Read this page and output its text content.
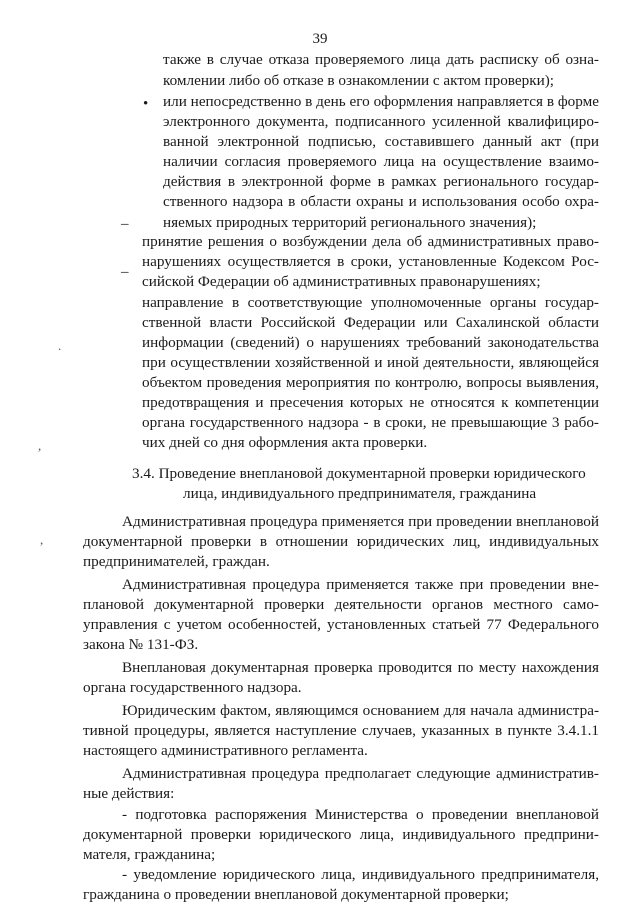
39
•
–
–
.
,
,
также в случае отказа проверяемого лица дать расписку об озна-
комлении либо об отказе в ознакомлении с актом проверки);
или непосредственно в день его оформления направляется в форме
электронного документа, подписанного усиленной квалифициро-
ванной электронной подписью, составившего данный акт (при
наличии согласия проверяемого лица на осуществление взаимо-
действия в электронной форме в рамках регионального государ-
ственного надзора в области охраны и использования особо охра-
няемых природных территорий регионального значения);
принятие решения о возбуждении дела об административных право-
нарушениях осуществляется в сроки, установленные Кодексом Рос-
сийской Федерации об административных правонарушениях;
направление в соответствующие уполномоченные органы государ-
ственной власти Российской Федерации или Сахалинской области
информации (сведений) о нарушениях требований законодательства
при осуществлении хозяйственной и иной деятельности, являющейся
объектом проведения мероприятия по контролю, вопросы выявления,
предотвращения и пресечения которых не относятся к компетенции
органа государственного надзора - в сроки, не превышающие 3 рабо-
чих дней со дня оформления акта проверки.
3.4. Проведение внеплановой документарной проверки юридического
лица, индивидуального предпринимателя, гражданина
Административная процедура применяется при проведении внеплановой
документарной проверки в отношении юридических лиц, индивидуальных
предпринимателей, граждан.
Административная процедура применяется также при проведении вне-
плановой документарной проверки деятельности органов местного само-
управления с учетом особенностей, установленных статьей 77 Федерального
закона № 131-ФЗ.
Внеплановая документарная проверка проводится по месту нахождения
органа государственного надзора.
Юридическим фактом, являющимся основанием для начала администра-
тивной процедуры, является наступление случаев, указанных в пункте 3.4.1.1
настоящего административного регламента.
Административная процедура предполагает следующие административ-
ные действия:
- подготовка распоряжения Министерства о проведении внеплановой
документарной проверки юридического лица, индивидуального предприни-
мателя, гражданина;
- уведомление юридического лица, индивидуального предпринимателя,
гражданина о проведении внеплановой документарной проверки;
